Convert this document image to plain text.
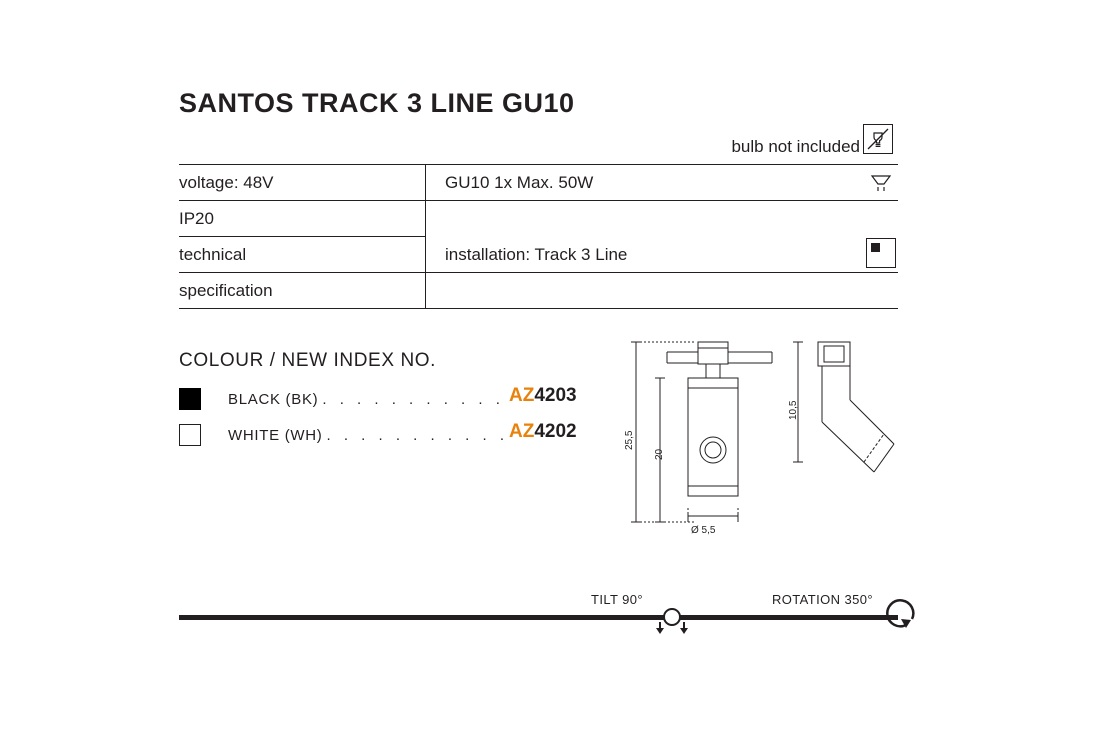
SANTOS TRACK 3 LINE GU10
bulb not included
voltage: 48V
IP20
technical
specification
GU10 1x Max. 50W
installation: Track 3 Line
COLOUR / NEW INDEX NO.
BLACK (BK) . . . . . . . . . . . AZ4203
WHITE (WH) . . . . . . . . . . . AZ4202	25,5
20
10,5
Ø 5,5
TILT 90°	ROTATION 350°
